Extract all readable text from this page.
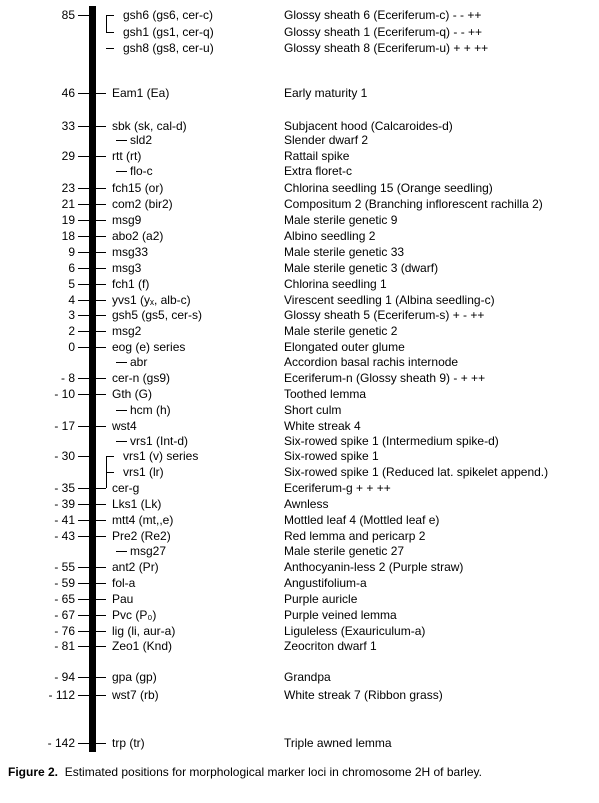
85	gsh6 (gs6, cer-c)	Glossy sheath 6 (Eceriferum-c) - - ++
gsh1 (gs1, cer-q)	Glossy sheath 1 (Eceriferum-q) - - ++
gsh8 (gs8, cer-u)	Glossy sheath 8 (Eceriferum-u) + + ++
46	Eam1 (Ea)	Early maturity 1
33	sbk (sk, cal-d)	Subjacent hood (Calcaroides-d)
sld2	Slender dwarf 2
29	rtt (rt)	Rattail spike
flo-c	Extra floret-c
23	fch15 (or)	Chlorina seedling 15 (Orange seedling)
21	com2 (bir2)	Compositum 2 (Branching inflorescent rachilla 2)
19	msg9	Male sterile genetic 9
18	abo2 (a2)	Albino seedling 2
9	msg33	Male sterile genetic 33
6	msg3	Male sterile genetic 3 (dwarf)
5	fch1 (f)	Chlorina seedling 1
4	yvs1 (yₓ, alb-c)	Virescent seedling 1 (Albina seedling-c)
3	gsh5 (gs5, cer-s)	Glossy sheath 5 (Eceriferum-s) + - ++
2	msg2	Male sterile genetic 2
0	eog (e) series	Elongated outer glume
abr	Accordion basal rachis internode
- 8	cer-n (gs9)	Eceriferum-n (Glossy sheath 9) - + ++
- 10	Gth (G)	Toothed lemma
hcm (h)	Short culm
- 17	wst4	White streak 4
vrs1 (Int-d)	Six-rowed spike 1 (Intermedium spike-d)
- 30	vrs1 (v) series	Six-rowed spike 1
vrs1 (lr)	Six-rowed spike 1 (Reduced lat. spikelet append.)
- 35	cer-g	Eceriferum-g + + ++
- 39	Lks1 (Lk)	Awnless
- 41	mtt4 (mt,,e)	Mottled leaf 4 (Mottled leaf e)
- 43	Pre2 (Re2)	Red lemma and pericarp 2
msg27	Male sterile genetic 27
- 55	ant2 (Pr)	Anthocyanin-less 2 (Purple straw)
- 59	fol-a	Angustifolium-a
- 65	Pau	Purple auricle
- 67	Pvc (P₀)	Purple veined lemma
- 76	lig (li, aur-a)	Liguleless (Exauriculum-a)
- 81	Zeo1 (Knd)	Zeocriton dwarf 1
- 94	gpa (gp)	Grandpa
- 112	wst7 (rb)	White streak 7 (Ribbon grass)
- 142	trp (tr)	Triple awned lemma
Figure 2. Estimated positions for morphological marker loci in chromosome 2H of barley.
